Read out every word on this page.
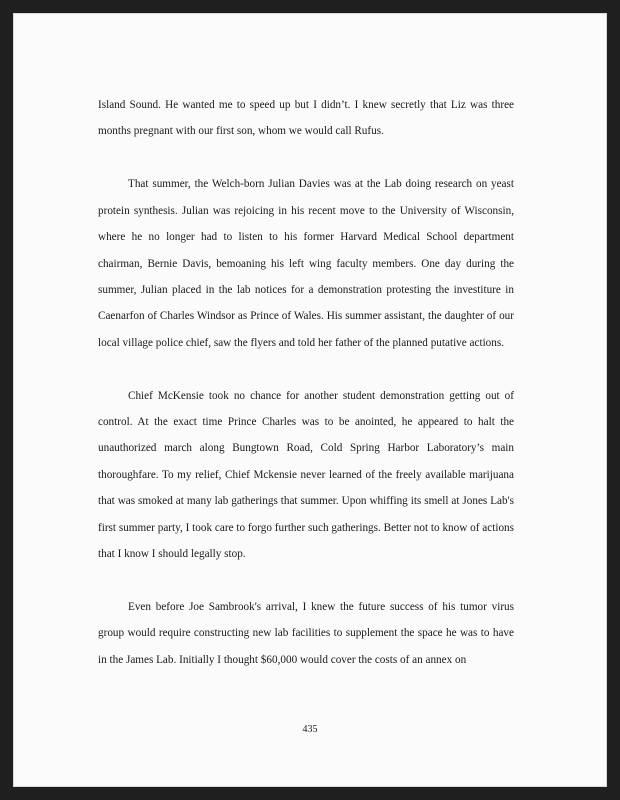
Island Sound. He wanted me to speed up but I didn’t. I knew secretly that Liz was three months pregnant with our first son, whom we would call Rufus.

That summer, the Welch-born Julian Davies was at the Lab doing research on yeast protein synthesis. Julian was rejoicing in his recent move to the University of Wisconsin, where he no longer had to listen to his former Harvard Medical School department chairman, Bernie Davis, bemoaning his left wing faculty members. One day during the summer, Julian placed in the lab notices for a demonstration protesting the investiture in Caenarfon of Charles Windsor as Prince of Wales. His summer assistant, the daughter of our local village police chief, saw the flyers and told her father of the planned putative actions.

Chief McKensie took no chance for another student demonstration getting out of control. At the exact time Prince Charles was to be anointed, he appeared to halt the unauthorized march along Bungtown Road, Cold Spring Harbor Laboratory’s main thoroughfare. To my relief, Chief Mckensie never learned of the freely available marijuana that was smoked at many lab gatherings that summer. Upon whiffing its smell at Jones Lab's first summer party, I took care to forgo further such gatherings. Better not to know of actions that I know I should legally stop.

Even before Joe Sambrook's arrival, I knew the future success of his tumor virus group would require constructing new lab facilities to supplement the space he was to have in the James Lab. Initially I thought $60,000 would cover the costs of an annex on

435
